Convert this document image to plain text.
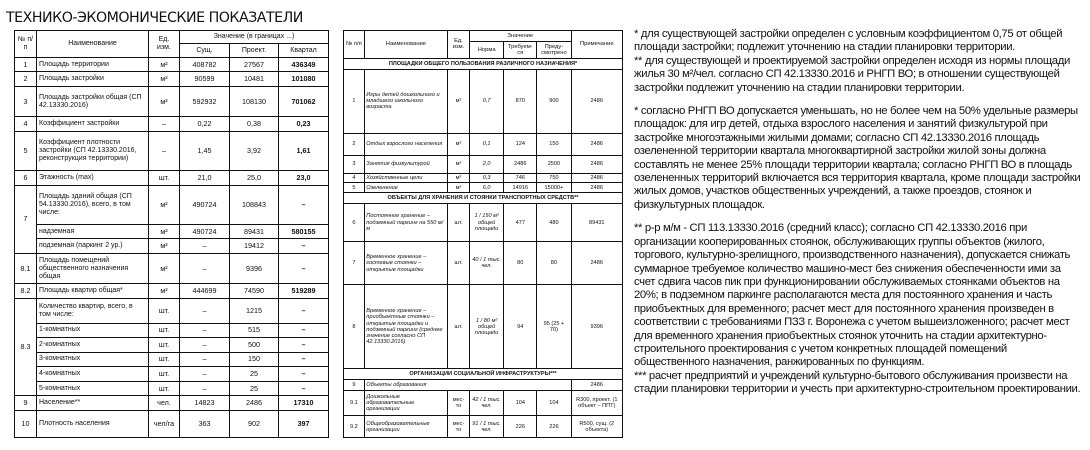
ТЕХНИКО-ЭКОМОНИЧЕСКИЕ ПОКАЗАТЕЛИ
№ п/п	Наименование	Ед. изм.	Значение (в границах ...)		
			Сущ.	Проект.	Квартал
1	Площадь территории	м²	408782	27567	436349
2	Площадь застройки	м²	90599	10481	101080
3	Площадь застройки общая (СП 42.13330.2016)	м²	592932	108130	701062
4	Коэффициент застройки	–	0,22	0,38	0,23
5	Коэффициент плотности застройки (СП 42.13330.2016, реконструкция территории)	–	1,45	3,92	1,61
6	Этажность (max)	шт.	21,0	25,0	23,0
7	Площадь зданий общая (СП 54.13330.2016), всего, в том числе:	м²	490724	108843	–
	надземная	м²	490724	89431	580155
	подземная (паркинг 2 ур.)	м²	–	19412	–
8.1	Площадь помещений общественного назначения общая	м²	–	9396	–
8.2	Площадь квартир общая*	м²	444699	74590	519289
8.3	Количество квартир, всего, в том числе:	шт.	–	1215	–
	1-комнатных	шт.	–	515	–
	2-комнатных	шт.	–	500	–
	3-комнатных	шт.	–	150	–
	4-комнатных	шт.	–	25	–
	5-комнатных	шт.	–	25	–
9	Население**	чел.	14823	2486	17310
10	Плотность населения	чел/га	363	902	397
№ п/п	Наименование	Ед. изм.	Значение			Примечание
			Норма	Требуем- ся	Преду- смотрено	
ПЛОЩАДКИ ОБЩЕГО ПОЛЬЗОВАНИЯ РАЗЛИЧНОГО НАЗНАЧЕНИЯ*						
1	Игры детей дошкольного и младшего школьного возраста	м²	0,7	870	900	2486
2	Отдых взрослого населения	м²	0,1	124	150	2486
3	Занятия физкультурой	м²	2,0	2486	2500	2486
4	Хозяйственные цели	м²	0,3	746	750	2486
5	Озеленение	м²	6,0	14916	15000+	2486
ОБЪЕКТЫ ДЛЯ ХРАНЕНИЯ И СТОЯНКИ ТРАНСПОРТНЫХ СРЕДСТВ**						
6	Постоянное хранение – подземный паркинг на 550 м/м	шт.	1 / 150 м² общей площади	477	480	89431
7	Временное хранение – гостевые стоянки – открытые площадки	шт.	40 / 1 тыс. чел.	80	80	2486
8	Временное хранение – приобъектные стоянки – открытые площадки и подземный паркинг (среднее значение согласно СП 42.13330.2016)	шт.	1 / 80 м² общей площади	94	95 (25 + 70)	9396
ОРГАНИЗАЦИИ СОЦИАЛЬНОЙ ИНФРАСТРУКТУРЫ***						
9	Объекты образования					2486
9.1	Дошкольные образовательные организации	мес- то	42 / 1 тыс. чел.	104	104	R300, проект. (1 объект – ППТ)
9.2	Общеобразовательные организации	мес- то	91 / 1 тыс. чел.	226	226	R500, сущ. (2 объекта)

* для существующей застройки определен с условным коэффициентом 0,75 от общей площади застройки; подлежит уточнению на стадии планировки территории.

** для существующей и проектируемой застройки определен исходя из нормы площади жилья 30 м²/чел. согласно СП 42.13330.2016 и РНГП ВО; в отношении существующей застройки подлежит уточнению на стадии планировки территории.

* согласно РНГП ВО допускается уменьшать, но не более чем на 50% удельные размеры площадок: для игр детей, отдыха взрослого населения и занятий физкультурой при застройке многоэтажными жилыми домами; согласно СП 42.13330.2016 площадь озелененной территории квартала многоквартирной застройки жилой зоны должна составлять не менее 25% площади территории квартала; согласно РНГП ВО в площадь озелененных территорий включается вся территория квартала, кроме площади застройки жилых домов, участков общественных учреждений, а также проездов, стоянок и физкультурных площадок.

** р-р м/м - СП 113.13330.2016 (средний класс); согласно СП 42.13330.2016 при организации кооперированных стоянок, обслуживающих группы объектов (жилого, торгового, культурно-зрелищного, производственного назначения), допускается снижать суммарное требуемое количество машино-мест без снижения обеспеченности ими за счет сдвига часов пик при функционировании обслуживаемых стоянками объектов на 20%; в подземном паркинге располагаются места для постоянного хранения и часть приобъектных для временного; расчет мест для постоянного хранения произведен в соответствии с требованиями ПЗЗ г. Воронежа с учетом вышеизложенного; расчет мест для временного хранения приобъектных стоянок уточнить на стадии архитектурно-строительного проектирования с учетом конкретных площадей помещений общественного назначения, ранжированных по функциям.

*** расчет предприятий и учреждений культурно-бытового обслуживания произвести на стадии планировки территории и учесть при архитектурно-строительном проектировании.
